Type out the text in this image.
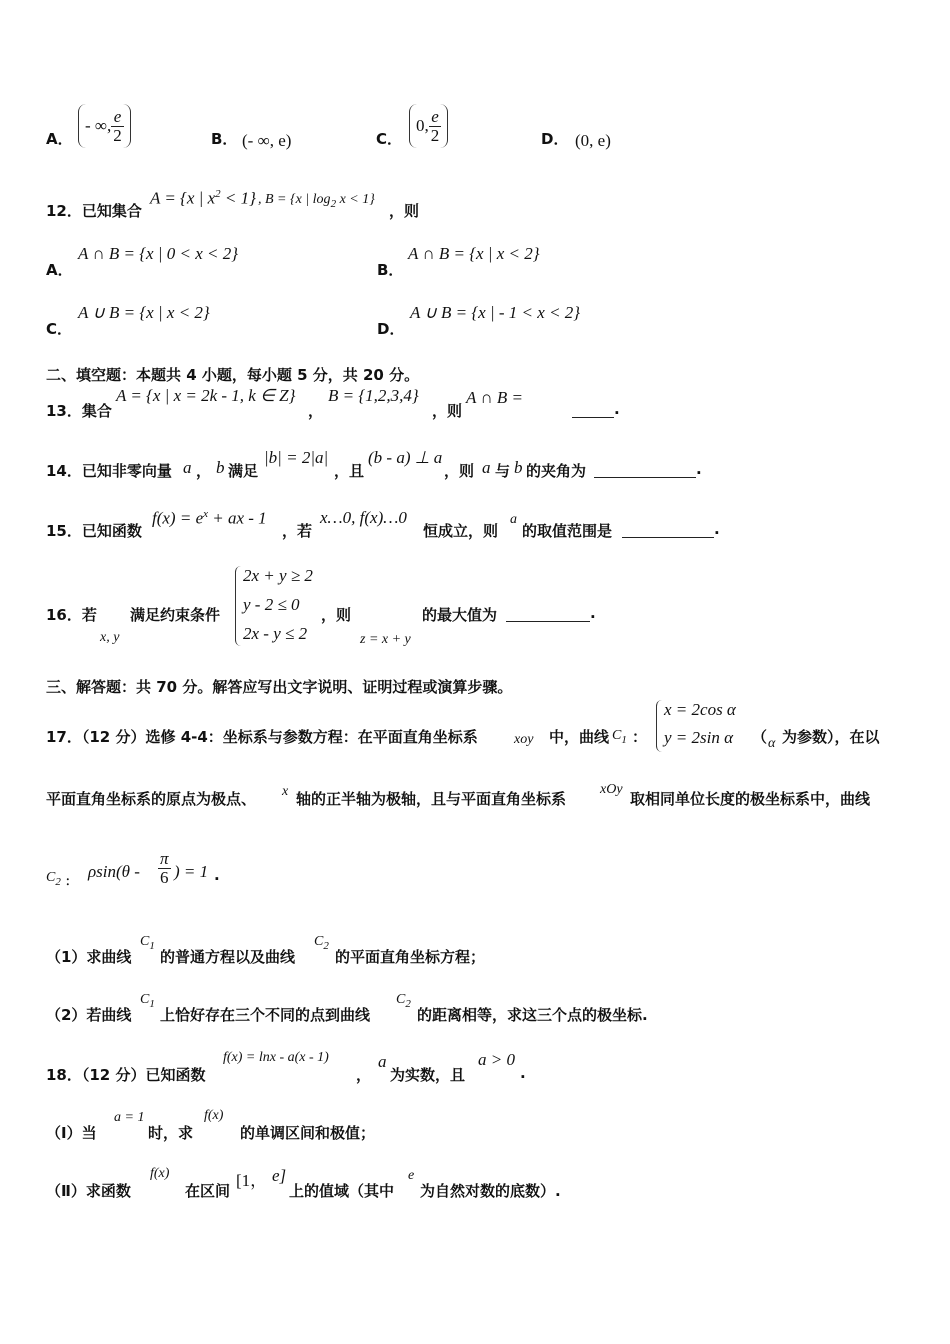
A．
- ∞, $\frac{e}{2}$	B． (- ∞, e)	C．
0, $\frac{e}{2}$	D． (0, e)
12．已知集合
A = {x | $x^2 < 1$} , B = {x | $\log_2 x < 1$}
，则
A．
A ∩ B = {x | 0 < x < 2}
B．
A ∩ B = {x | x < 2}
C．
A ∪ B = {x | x < 2}
D．
A ∪ B = {x | - 1 < x < 2}
二、填空题：本题共 4 小题，每小题 5 分，共 20 分。
13．集合
A = {x | x = 2k - 1, k ∈ Z}
，
B = {1,2,3,4}
，则
A ∩ B =
.
14．已知非零向量 a ， b 满足
|b| = 2|a|
，且
(b - a) ⊥ a
，则 a 与 b 的夹角为	.
15．已知函数
$f(x) = e^x$ + ax - 1
，若
x…0, f(x)…0
恒成立，则
a
的取值范围是	.
16．若
x, y
满足约束条件
2x + y ≥ 2
y - 2 ≤ 0
2x - y ≤ 2
，则
z = x + y
的最大值为	.
三、解答题：共 70 分。解答应写出文字说明、证明过程或演算步骤。
17．（12 分）选修 4-4：坐标系与参数方程：在平面直角坐标系	xoy 中，曲线 $C_1$ ：
x = 2cos α
y = 2sin α （ α 为参数），在以
平面直角坐标系的原点为极点、 x 轴的正半轴为极轴，且与平面直角坐标系
xOy
取相同单位长度的极坐标系中，曲线
$C_2$ ： $\rho\sin(\theta - \frac{\pi}{6}$ ) = 1 .
（1）求曲线
$C_1$
的普通方程以及曲线
$C_2$
的平面直角坐标方程；
（2）若曲线
$C_1$
上恰好存在三个不同的点到曲线
$C_2$
的距离相等，求这三个点的极坐标.
18．（12 分）已知函数
f(x) = lnx - a(x - 1)
，
a
为实数，且
a > 0
.
（Ⅰ）当
a = 1
时，求
f(x)
的单调区间和极值；
（Ⅱ）求函数
f(x)
在区间
[1， e]
上的值域（其中
e
为自然对数的底数）.
